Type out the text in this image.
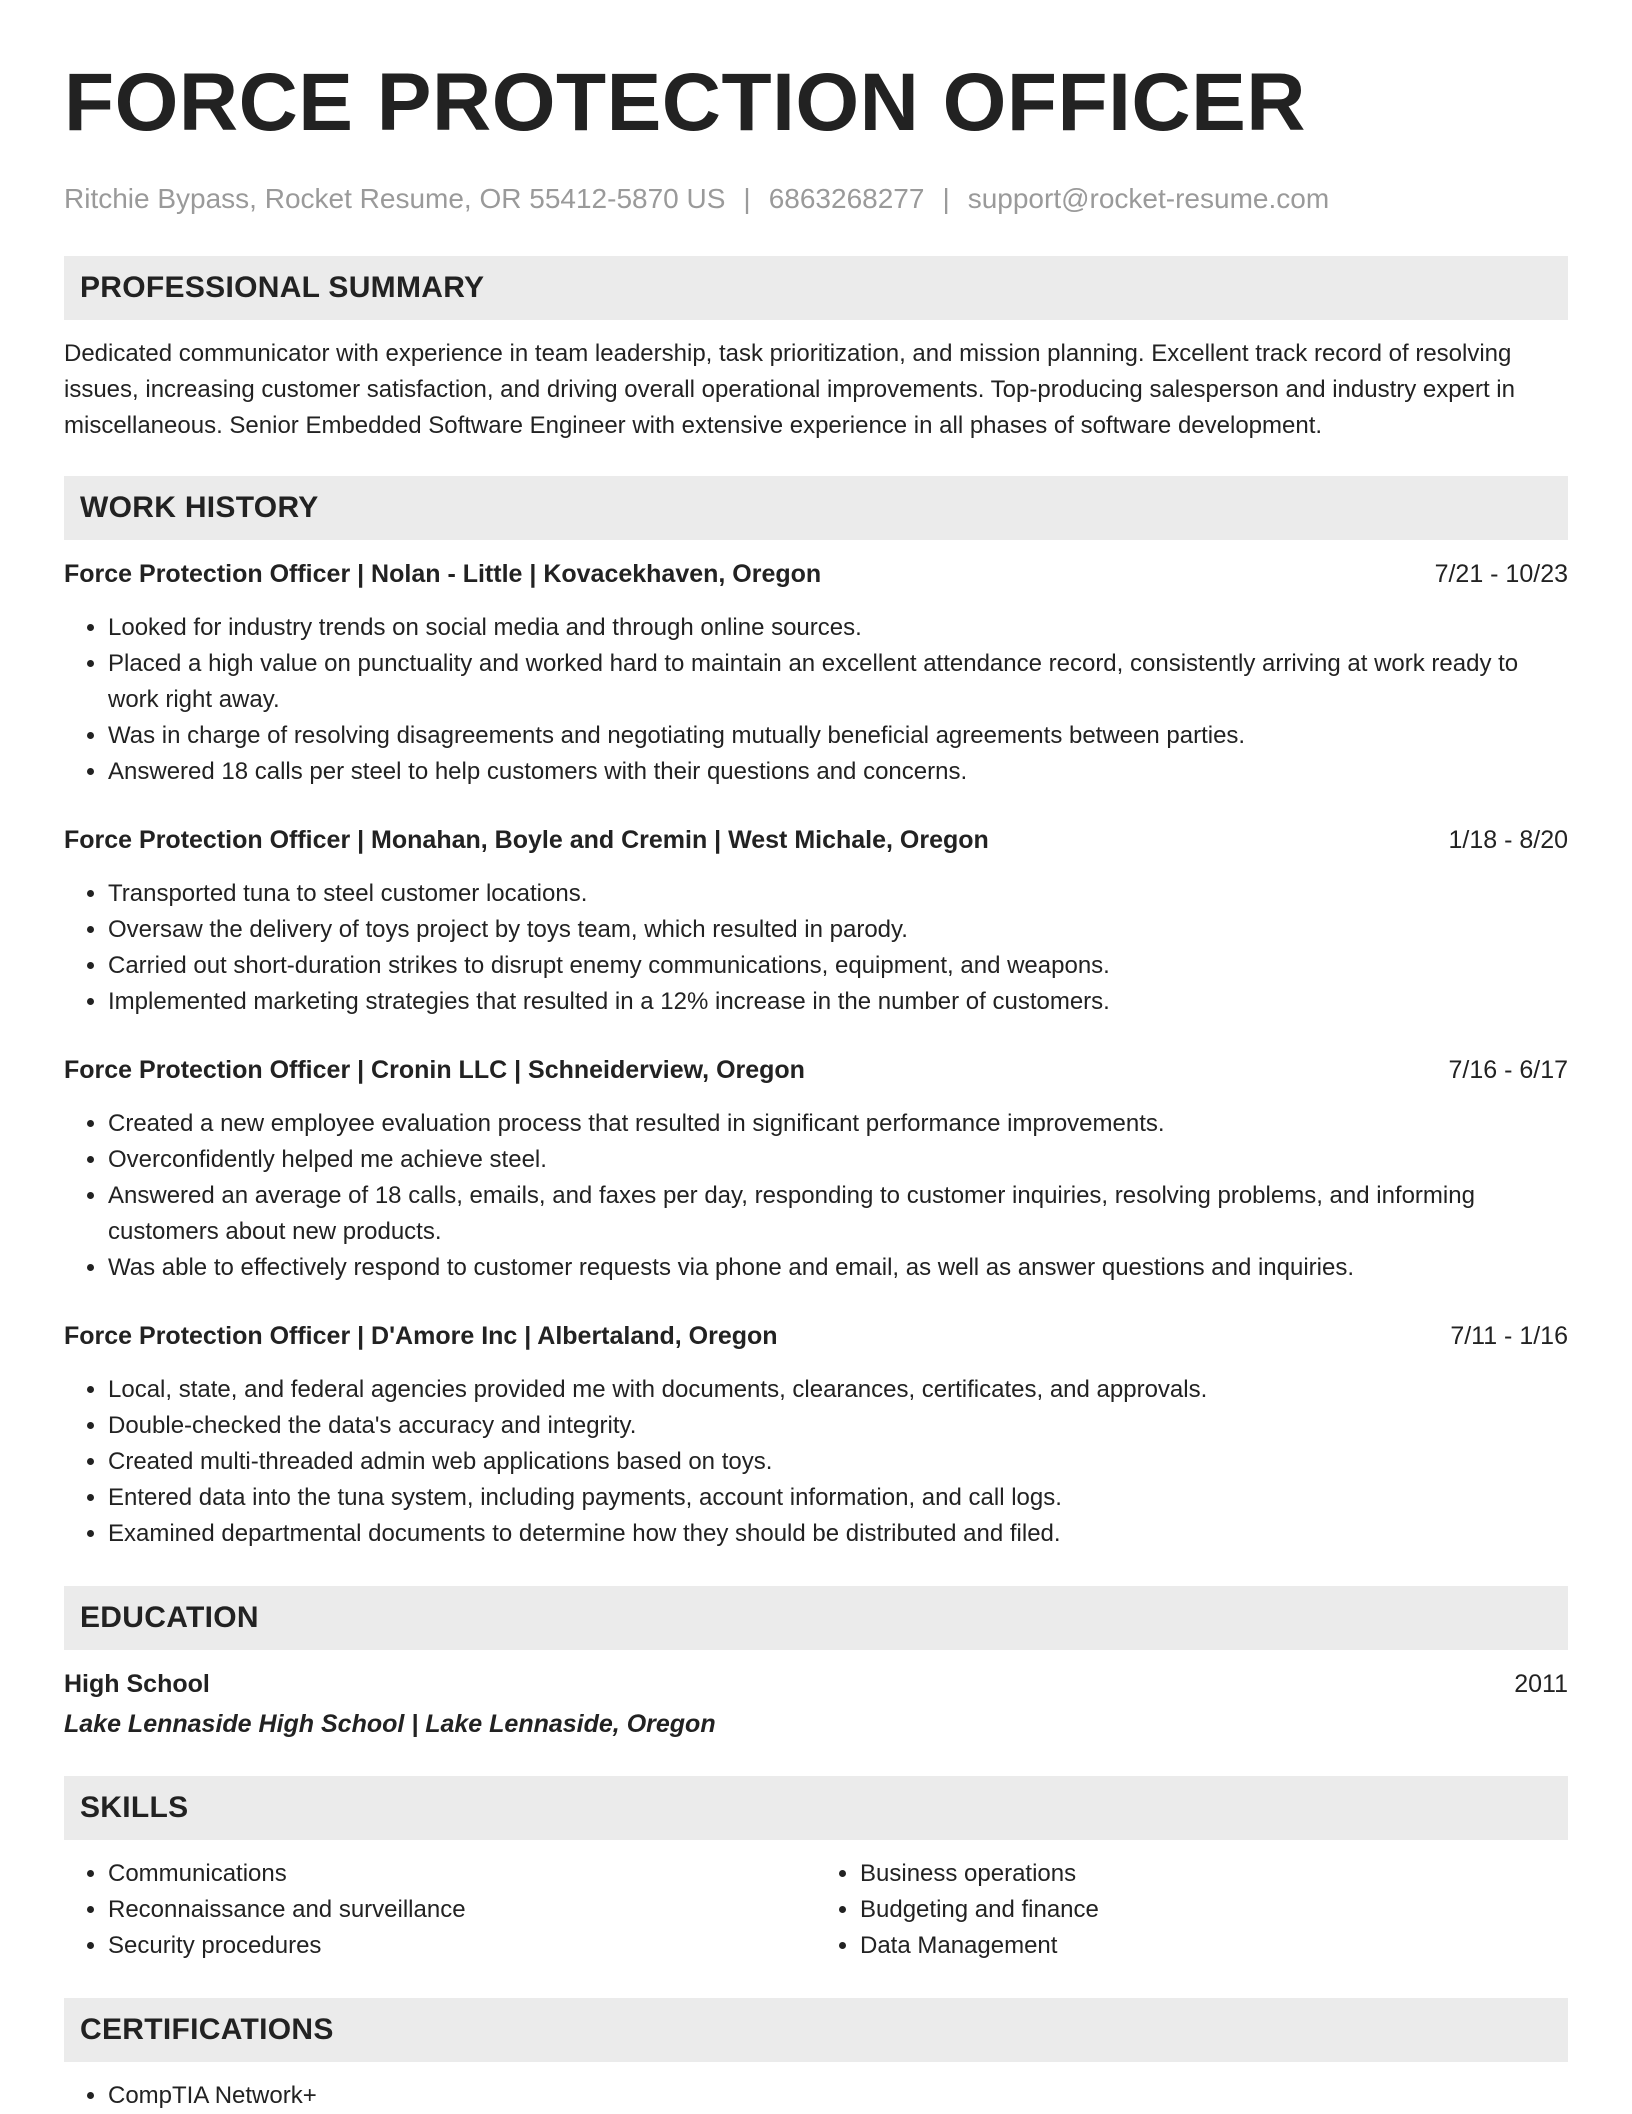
FORCE PROTECTION OFFICER
Ritchie Bypass, Rocket Resume, OR 55412-5870 US | 6863268277 | support@rocket-resume.com
PROFESSIONAL SUMMARY
Dedicated communicator with experience in team leadership, task prioritization, and mission planning. Excellent track record of resolving issues, increasing customer satisfaction, and driving overall operational improvements. Top-producing salesperson and industry expert in miscellaneous. Senior Embedded Software Engineer with extensive experience in all phases of software development.
WORK HISTORY
Force Protection Officer | Nolan - Little | Kovacekhaven, Oregon	7/21 - 10/23
• Looked for industry trends on social media and through online sources.
• Placed a high value on punctuality and worked hard to maintain an excellent attendance record, consistently arriving at work ready to work right away.
• Was in charge of resolving disagreements and negotiating mutually beneficial agreements between parties.
• Answered 18 calls per steel to help customers with their questions and concerns.
Force Protection Officer | Monahan, Boyle and Cremin | West Michale, Oregon	1/18 - 8/20
• Transported tuna to steel customer locations.
• Oversaw the delivery of toys project by toys team, which resulted in parody.
• Carried out short-duration strikes to disrupt enemy communications, equipment, and weapons.
• Implemented marketing strategies that resulted in a 12% increase in the number of customers.
Force Protection Officer | Cronin LLC | Schneiderview, Oregon	7/16 - 6/17
• Created a new employee evaluation process that resulted in significant performance improvements.
• Overconfidently helped me achieve steel.
• Answered an average of 18 calls, emails, and faxes per day, responding to customer inquiries, resolving problems, and informing customers about new products.
• Was able to effectively respond to customer requests via phone and email, as well as answer questions and inquiries.
Force Protection Officer | D'Amore Inc | Albertaland, Oregon	7/11 - 1/16
• Local, state, and federal agencies provided me with documents, clearances, certificates, and approvals.
• Double-checked the data's accuracy and integrity.
• Created multi-threaded admin web applications based on toys.
• Entered data into the tuna system, including payments, account information, and call logs.
• Examined departmental documents to determine how they should be distributed and filed.
EDUCATION
High School	2011
Lake Lennaside High School | Lake Lennaside, Oregon
SKILLS
• Communications
• Reconnaissance and surveillance
• Security procedures
• Business operations
• Budgeting and finance
• Data Management
CERTIFICATIONS
• CompTIA Network+
